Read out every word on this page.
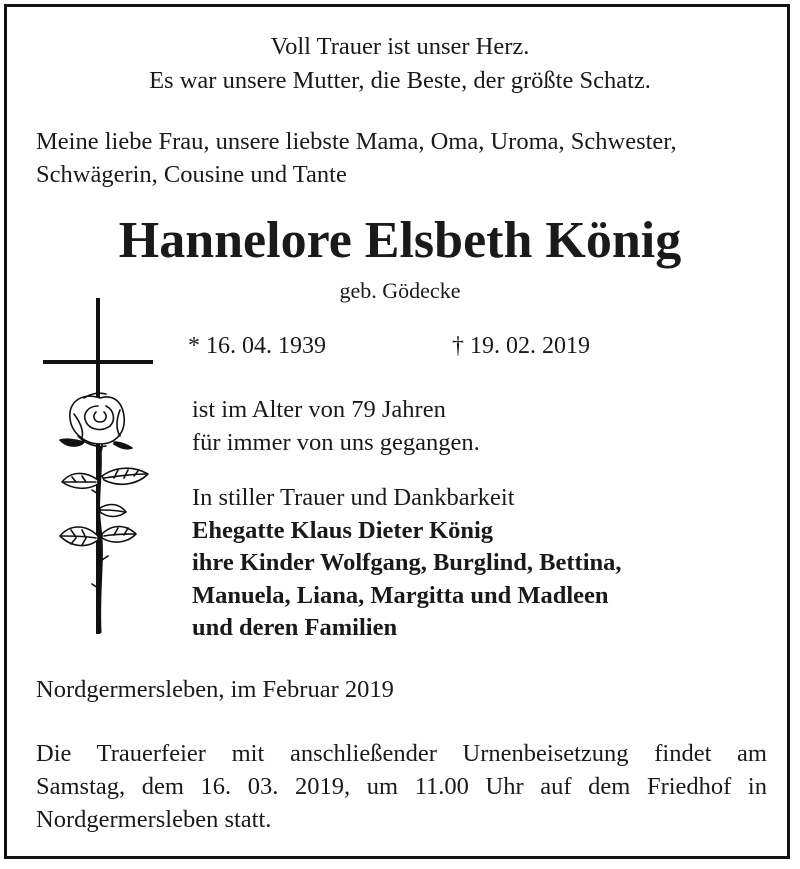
Voll Trauer ist unser Herz.
Es war unsere Mutter, die Beste, der größte Schatz.
Meine liebe Frau, unsere liebste Mama, Oma, Uroma, Schwester,
Schwägerin, Cousine und Tante
Hannelore Elsbeth König
geb. Gödecke
* 16. 04. 1939	† 19. 02. 2019
ist im Alter von 79 Jahren
für immer von uns gegangen.
In stiller Trauer und Dankbarkeit
Ehegatte Klaus Dieter König
ihre Kinder Wolfgang, Burglind, Bettina,
Manuela, Liana, Margitta und Madleen
und deren Familien
Nordgermersleben, im Februar 2019
Die Trauerfeier mit anschließender Urnenbeisetzung findet am
Samstag, dem 16. 03. 2019, um 11.00 Uhr auf dem Friedhof in
Nordgermersleben statt.
